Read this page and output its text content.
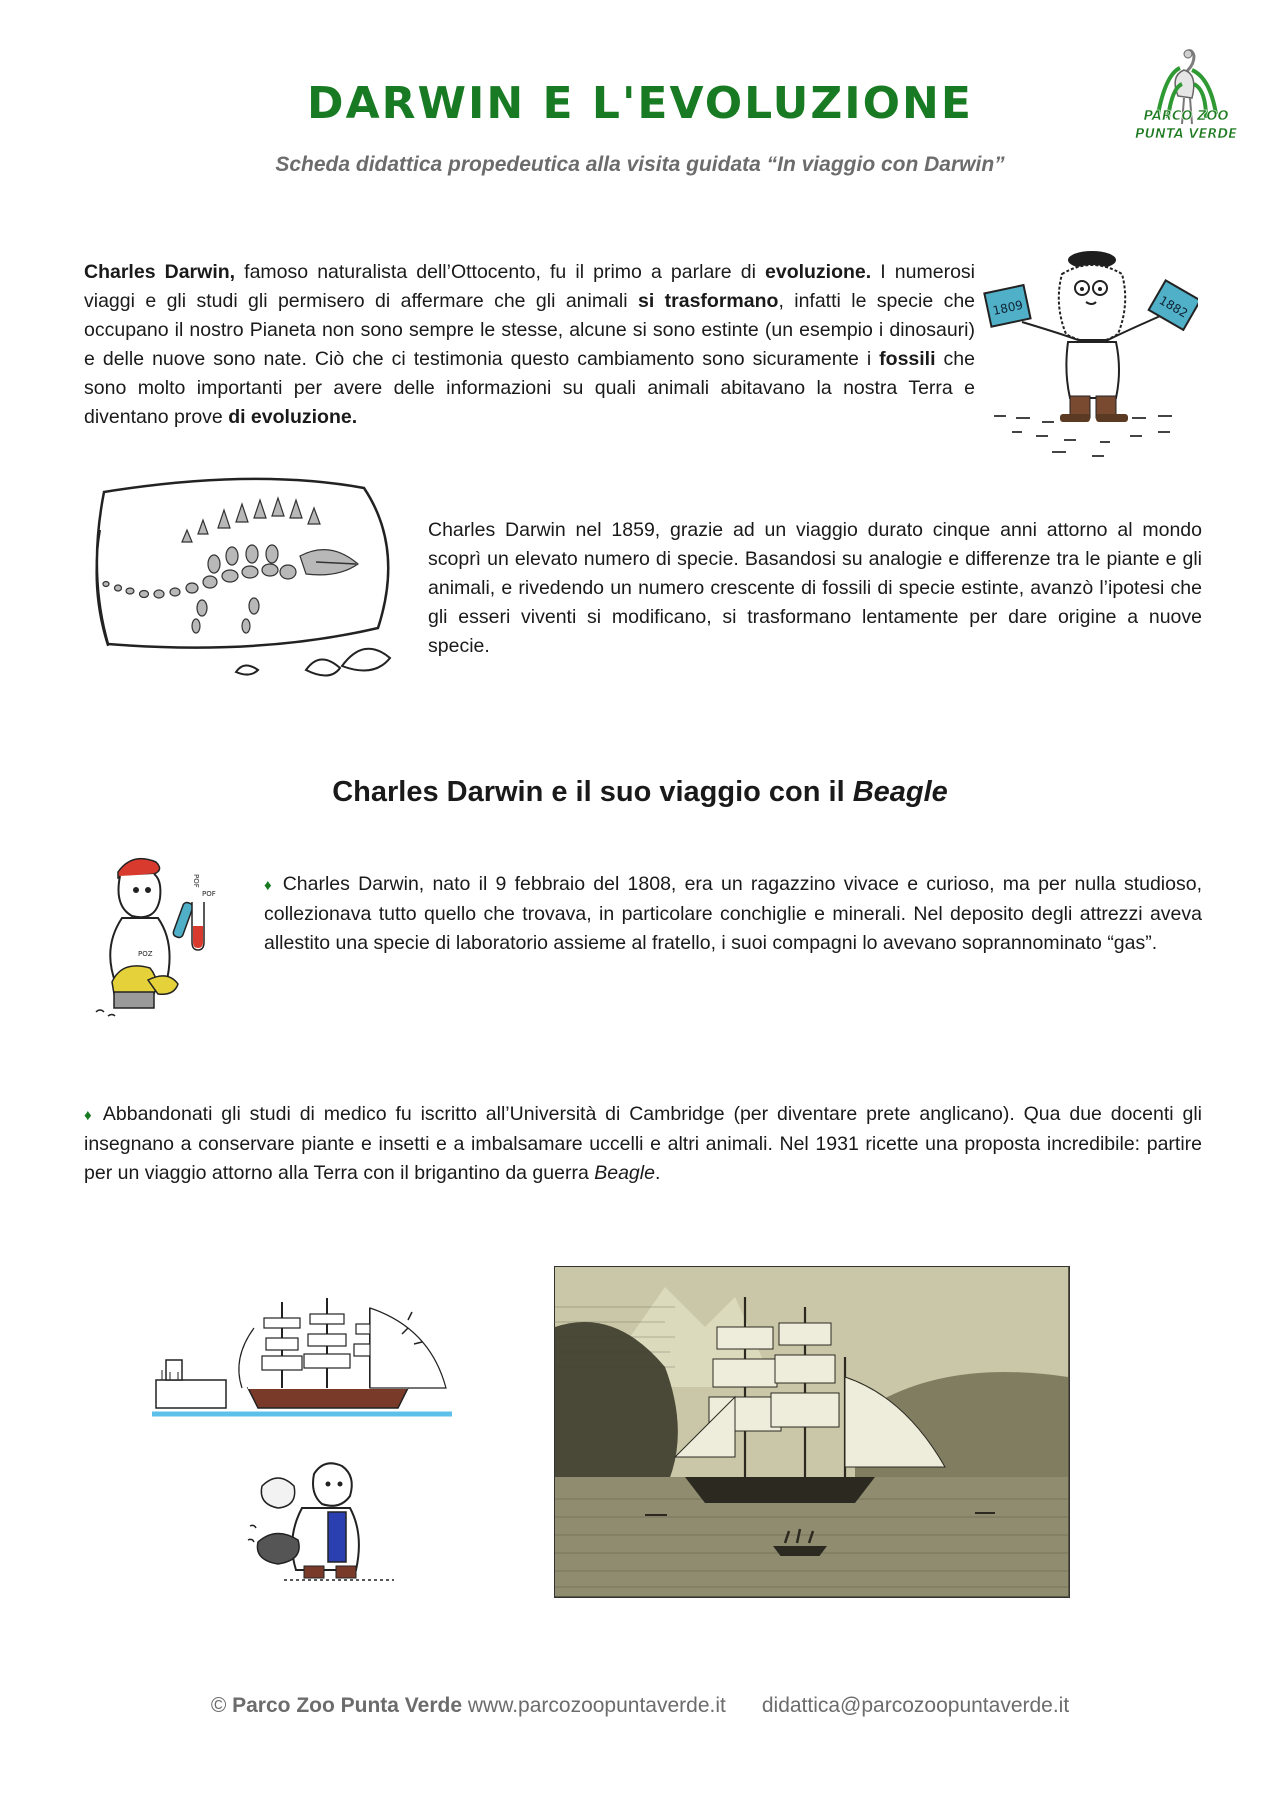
DARWIN E L'EVOLUZIONE
Scheda didattica propedeutica alla visita guidata “In viaggio con Darwin”
PARCO ZOO
PUNTA VERDE
Charles Darwin, famoso naturalista dell’Ottocento, fu il primo a parlare di evoluzione. I numerosi viaggi e gli studi gli permisero di affermare che gli animali si trasformano, infatti le specie che occupano il nostro Pianeta non sono sempre le stesse, alcune si sono estinte (un esempio i dinosauri) e delle nuove sono nate. Ciò che ci testimonia questo cambiamento sono sicuramente i fossili che sono molto importanti per avere delle informazioni su quali animali abitavano la nostra Terra e diventano prove di evoluzione.
1809	1882
Charles Darwin nel 1859, grazie ad un viaggio durato cinque anni attorno al mondo scoprì un elevato numero di specie. Basandosi su analogie e differenze tra le piante e gli animali, e rivedendo un numero crescente di fossili di specie estinte, avanzò l’ipotesi che gli esseri viventi si modificano, si trasformano lentamente per dare origine a nuove specie.
Charles Darwin e il suo viaggio con il Beagle
POF
POF
POZ
♦ Charles Darwin, nato il 9 febbraio del 1808, era un ragazzino vivace e curioso, ma per nulla studioso, collezionava tutto quello che trovava, in particolare conchiglie e minerali. Nel deposito degli attrezzi aveva allestito una specie di laboratorio assieme al fratello, i suoi compagni lo avevano soprannominato “gas”.
♦ Abbandonati gli studi di medico fu iscritto all’Università di Cambridge (per diventare prete anglicano). Qua due docenti gli insegnano a conservare piante e insetti e a imbalsamare uccelli e altri animali. Nel 1931 ricette una proposta incredibile: partire per un viaggio attorno alla Terra con il brigantino da guerra Beagle.
© Parco Zoo Punta Verde www.parcozoopuntaverde.it didattica@parcozoopuntaverde.it
